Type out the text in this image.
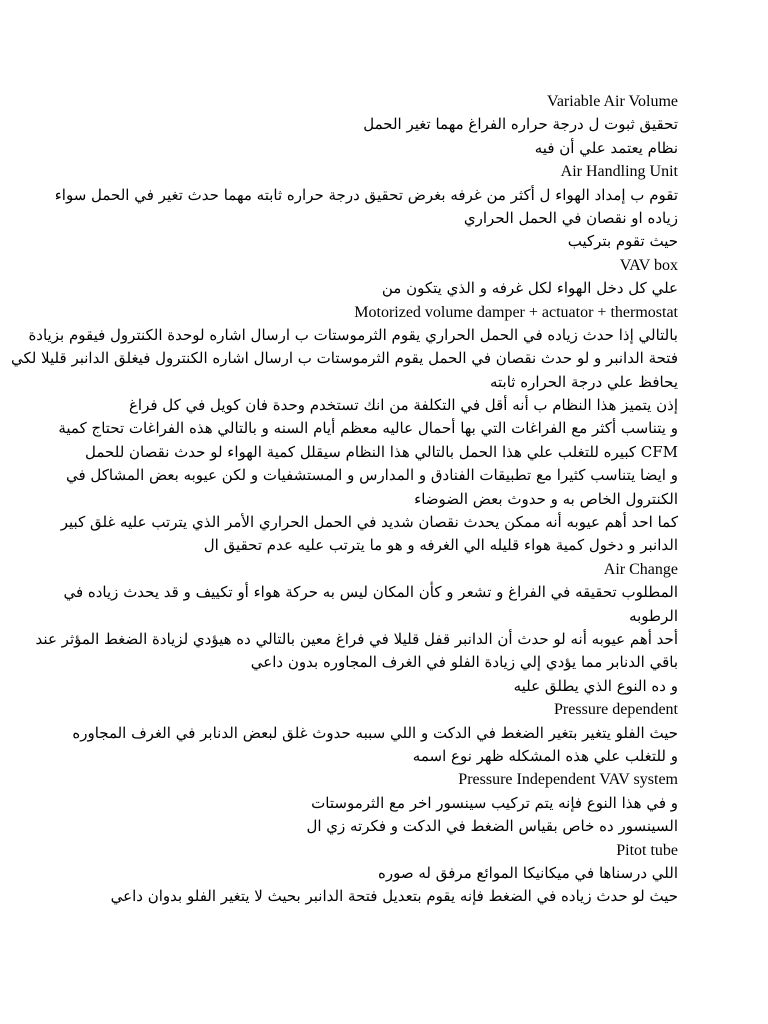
Variable Air Volume
تحقيق ثبوت ل درجة حراره الفراغ مهما تغير الحمل
نظام يعتمد علي أن فيه
Air Handling Unit
تقوم ب إمداد الهواء ل أكثر من غرفه بغرض تحقيق درجة حراره ثابته مهما حدث تغير في الحمل سواء
زياده او نقصان في الحمل الحراري
حيث تقوم بتركيب
VAV box
علي كل دخل الهواء لكل غرفه و الذي يتكون من
Motorized volume damper + actuator + thermostat
بالتالي إذا حدث زياده في الحمل الحراري يقوم الثرموستات ب ارسال اشاره لوحدة الكنترول فيقوم بزيادة
فتحة الدانبر و لو حدث نقصان في الحمل يقوم الثرموستات ب ارسال اشاره الكنترول فيغلق الدانبر قليلا لكي
يحافظ علي درجة الحراره ثابته
إذن يتميز هذا النظام ب أنه أقل في التكلفة من انك تستخدم وحدة فان كويل في كل فراغ
و يتناسب أكثر مع الفراغات التي بها أحمال عاليه معظم أيام السنه و بالتالي هذه الفراغات تحتاج كمية
CFM كبيره للتغلب علي هذا الحمل بالتالي هذا النظام سيقلل كمية الهواء لو حدث نقصان للحمل
و ايضا يتناسب كثيرا مع تطبيقات الفنادق و المدارس و المستشفيات و لكن عيوبه بعض المشاكل في
الكنترول الخاص به و حدوث بعض الضوضاء
كما احد أهم عيوبه أنه ممكن يحدث نقصان شديد في الحمل الحراري الأمر الذي يترتب عليه غلق كبير
الدانبر و دخول كمية هواء قليله الي الغرفه و هو ما يترتب عليه عدم تحقيق ال
Air Change
المطلوب تحقيقه في الفراغ و تشعر و كأن المكان ليس به حركة هواء أو تكييف و قد يحدث زياده في
الرطوبه
أحد أهم عيوبه أنه لو حدث أن الدانبر قفل قليلا في فراغ معين بالتالي ده هيؤدي لزيادة الضغط المؤثر عند
باقي الدنابر مما يؤدي إلي زيادة الفلو في الغرف المجاوره بدون داعي
و ده النوع الذي يطلق عليه
Pressure dependent
حيث الفلو يتغير بتغير الضغط في الدكت و اللي سببه حدوث غلق لبعض الدنابر في الغرف المجاوره
و للتغلب علي هذه المشكله ظهر نوع اسمه
Pressure Independent VAV system
و في هذا النوع فإنه يتم تركيب سينسور اخر مع الثرموستات
السينسور ده خاص بقياس الضغط في الدكت و فكرته زي ال
Pitot tube
اللي درسناها في ميكانيكا الموائع مرفق له صوره
حيث لو حدث زياده في الضغط فإنه يقوم بتعديل فتحة الدانبر بحيث لا يتغير الفلو بدوان داعي
